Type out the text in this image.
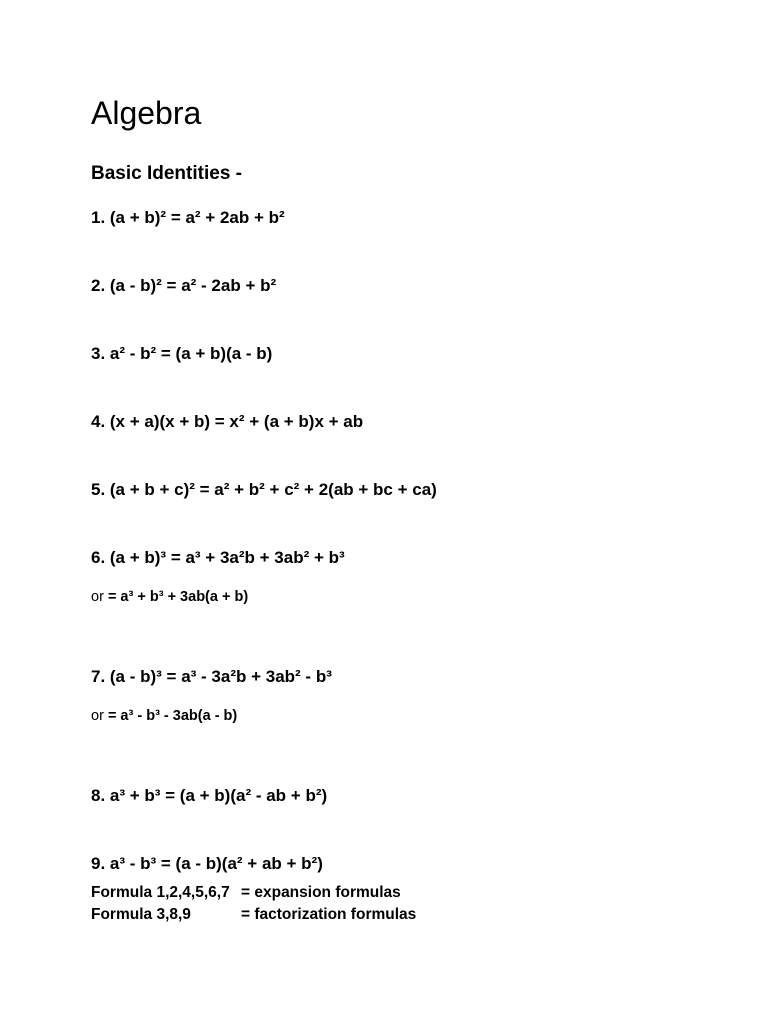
Algebra
Basic Identities -
1. (a + b)² = a² + 2ab + b²
2. (a - b)² = a² - 2ab + b²
3. a² - b² = (a + b)(a - b)
4. (x + a)(x + b) = x² + (a + b)x + ab
5. (a + b + c)² = a² + b² + c² + 2(ab + bc + ca)
6. (a + b)³ = a³ + 3a²b + 3ab² + b³
or = a³ + b³ + 3ab(a + b)
7. (a - b)³ = a³ - 3a²b + 3ab² - b³
or = a³ - b³ - 3ab(a - b)
8. a³ + b³ = (a + b)(a² - ab + b²)
9. a³ - b³ = (a - b)(a² + ab + b²)
Formula 1,2,4,5,6,7 = expansion formulas
Formula 3,8,9	= factorization formulas
